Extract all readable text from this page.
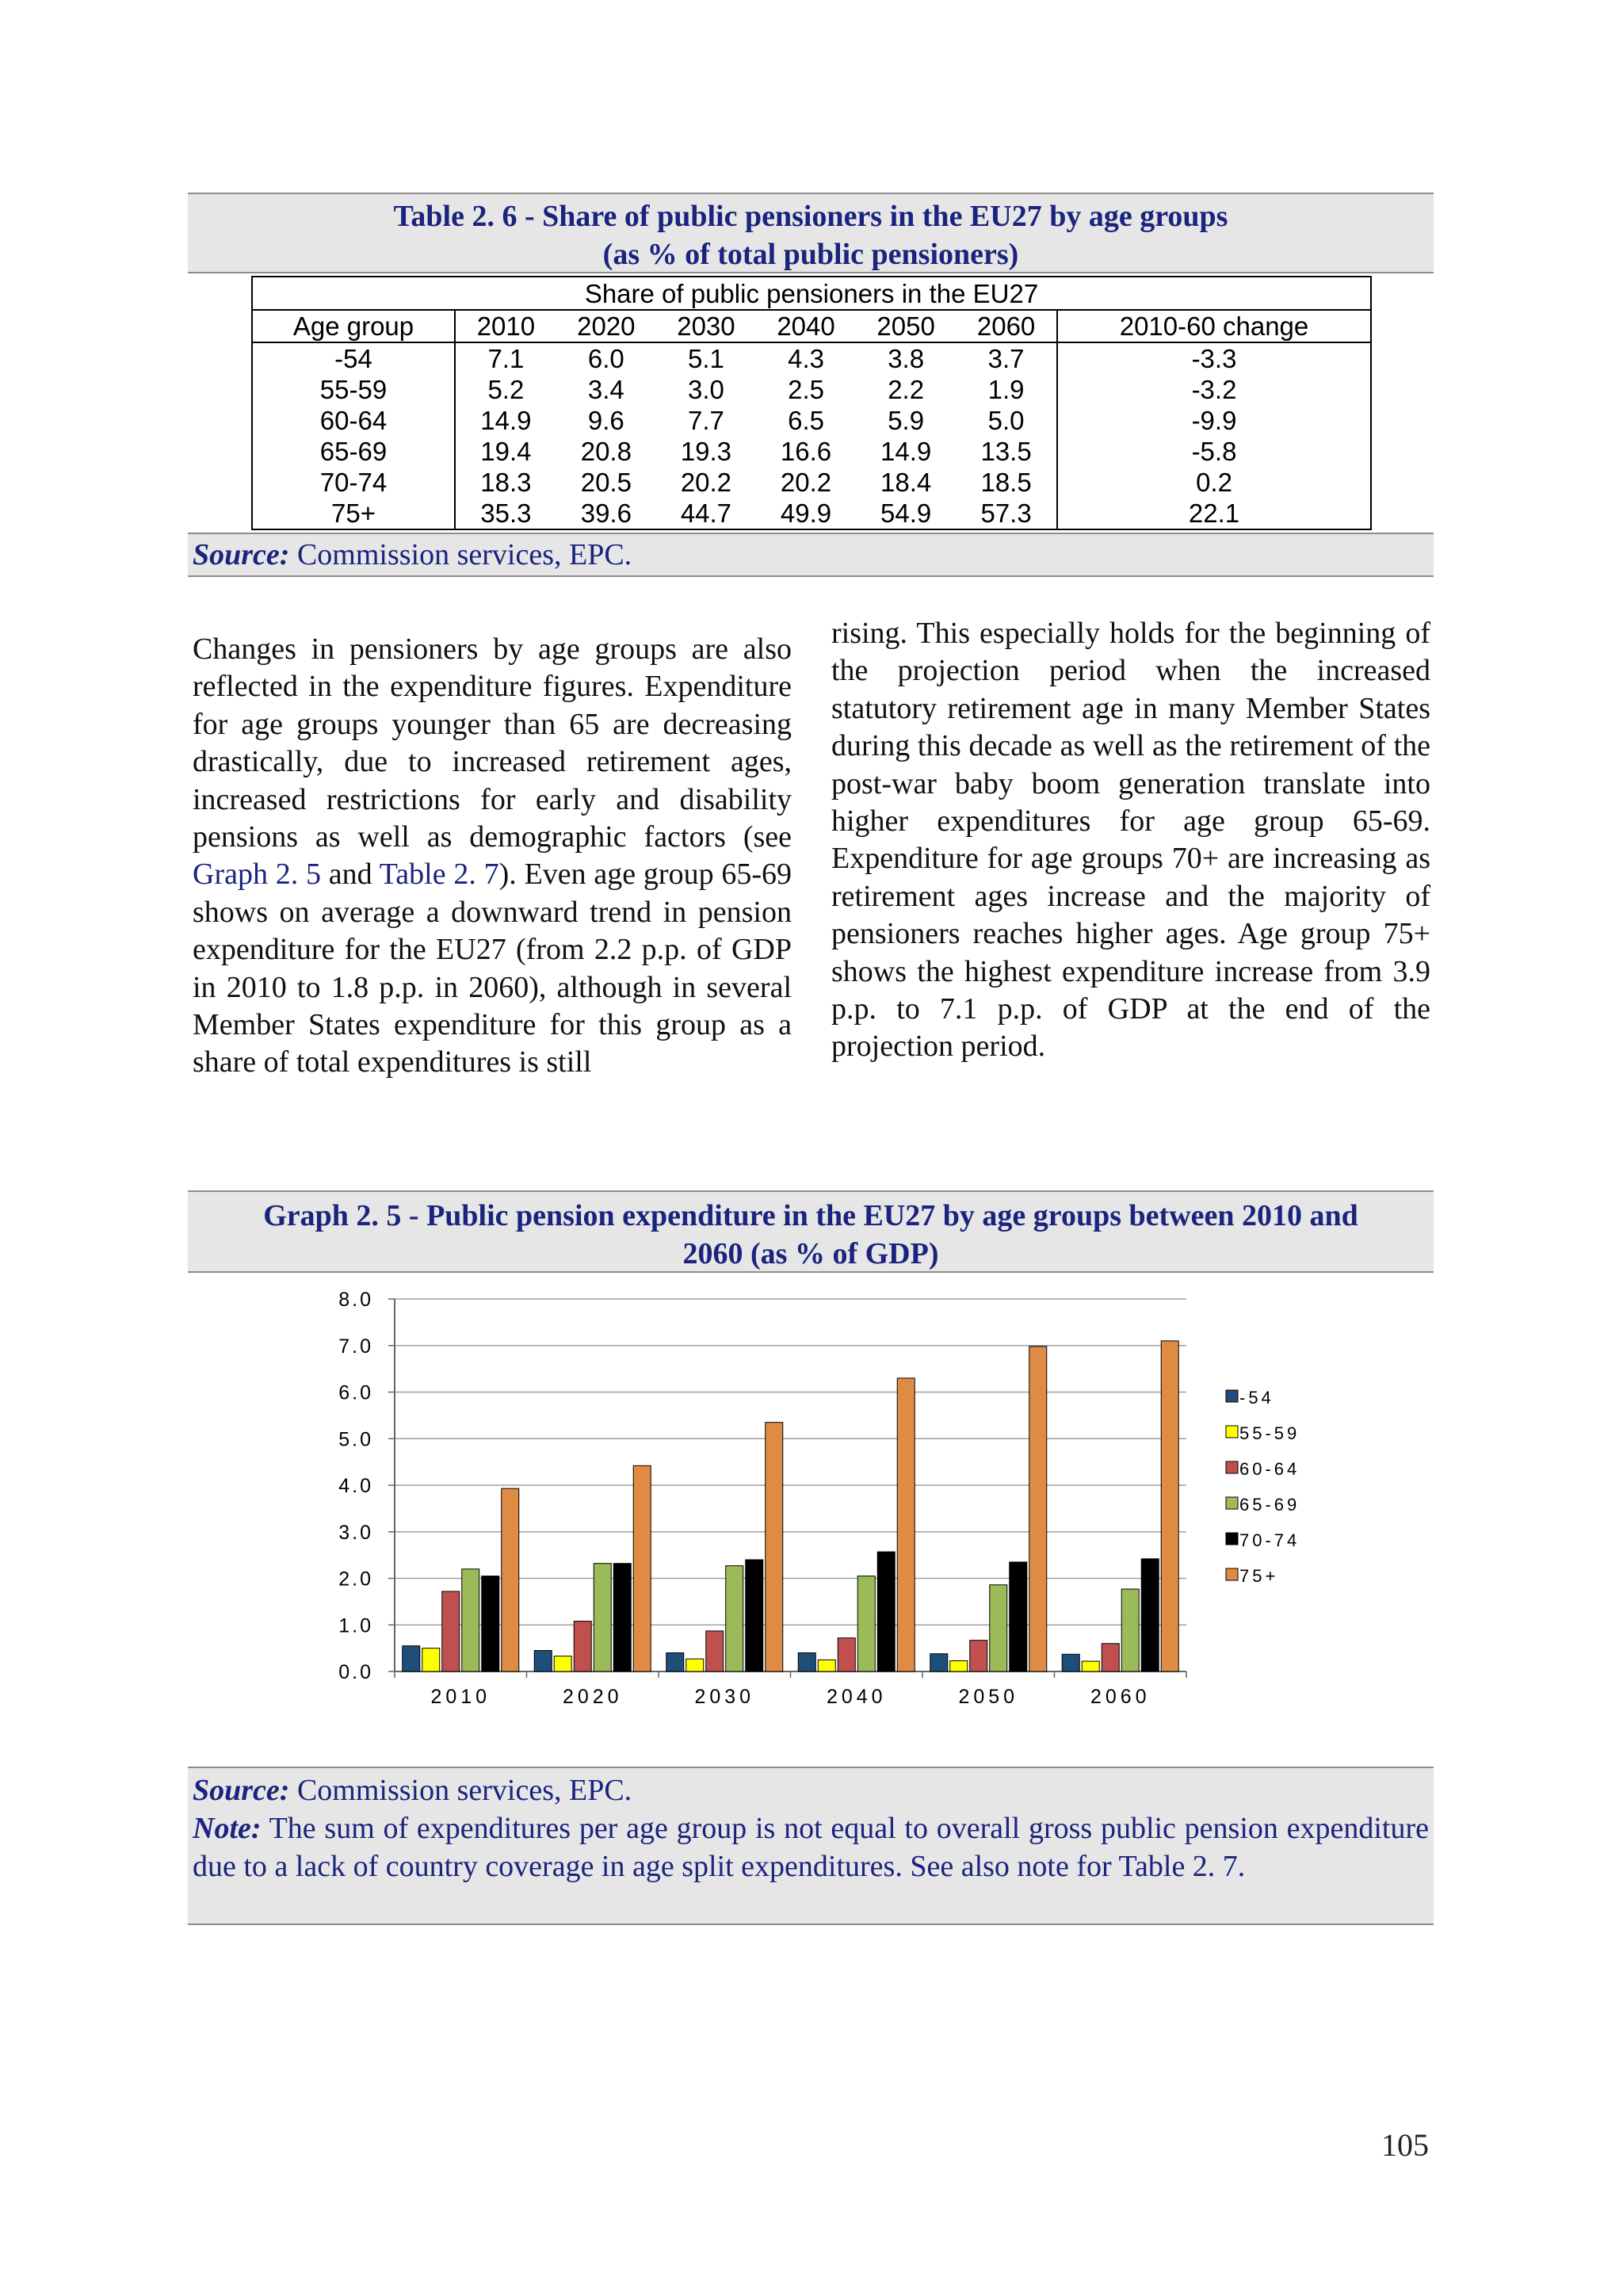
Table 2. 6 - Share of public pensioners in the EU27 by age groups
(as % of total public pensioners)
Share of public pensioners in the EU27							
Age group	2010	2020	2030	2040	2050	2060	2010-60 change
-54	7.1	6.0	5.1	4.3	3.8	3.7	-3.3
55-59	5.2	3.4	3.0	2.5	2.2	1.9	-3.2
60-64	14.9	9.6	7.7	6.5	5.9	5.0	-9.9
65-69	19.4	20.8	19.3	16.6	14.9	13.5	-5.8
70-74	18.3	20.5	20.2	20.2	18.4	18.5	0.2
75+	35.3	39.6	44.7	49.9	54.9	57.3	22.1
Source: Commission services, EPC.
Changes in pensioners by age groups are also reflected in the expenditure figures. Expenditure for age groups younger than 65 are decreasing drastically, due to increased retirement ages, increased restrictions for early and disability pensions as well as demographic factors (see Graph 2. 5 and Table 2. 7). Even age group 65-69 shows on average a downward trend in pension expenditure for the EU27 (from 2.2 p.p. of GDP in 2010 to 1.8 p.p. in 2060), although in several Member States expenditure for this group as a share of total expenditures is still
rising. This especially holds for the beginning of the projection period when the increased statutory retirement age in many Member States during this decade as well as the retirement of the post-war baby boom generation translate into higher expenditures for age group 65-69. Expenditure for age groups 70+ are increasing as retirement ages increase and the majority of pensioners reaches higher ages. Age group 75+ shows the highest expenditure increase from 3.9 p.p. to 7.1 p.p. of GDP at the end of the projection period.
Graph 2. 5 - Public pension expenditure in the EU27 by age groups between 2010 and
2060 (as % of GDP)
0.0
1.0
2.0
3.0
4.0
5.0
6.0
7.0
8.0
2010	2020	2030	2040	2050	2060
-54
55-59
60-64
65-69
70-74
75+
Source: Commission services, EPC.
Note: The sum of expenditures per age group is not equal to overall gross public pension expenditure due to a lack of country coverage in age split expenditures. See also note for Table 2. 7.
105
